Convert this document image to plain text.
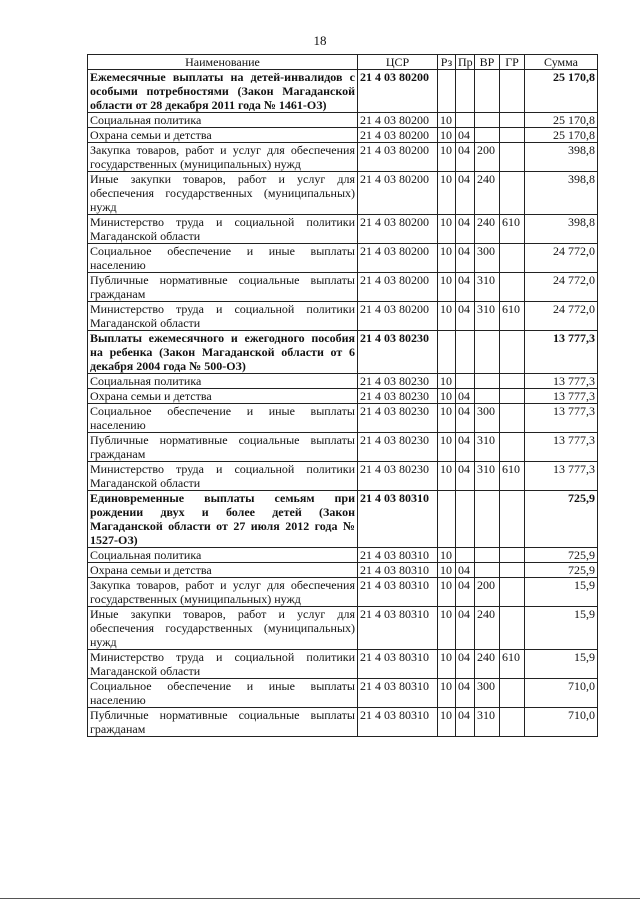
18
Наименование	ЦСР	Рз	Пр	ВР	ГР	Сумма
Ежемесячные выплаты на детей-инвалидов с особыми потребностями (Закон Магаданской области от 28 декабря 2011 года № 1461-ОЗ)	21 4 03 80200					25 170,8
Социальная политика	21 4 03 80200	10				25 170,8
Охрана семьи и детства	21 4 03 80200	10	04			25 170,8
Закупка товаров, работ и услуг для обеспечения государственных (муниципальных) нужд	21 4 03 80200	10	04	200		398,8
Иные закупки товаров, работ и услуг для обеспечения государственных (муниципальных) нужд	21 4 03 80200	10	04	240		398,8
Министерство труда и социальной политики Магаданской области	21 4 03 80200	10	04	240	610	398,8
Социальное обеспечение и иные выплаты населению	21 4 03 80200	10	04	300		24 772,0
Публичные нормативные социальные выплаты гражданам	21 4 03 80200	10	04	310		24 772,0
Министерство труда и социальной политики Магаданской области	21 4 03 80200	10	04	310	610	24 772,0
Выплаты ежемесячного и ежегодного пособия на ребенка (Закон Магаданской области от 6 декабря 2004 года № 500-ОЗ)	21 4 03 80230					13 777,3
Социальная политика	21 4 03 80230	10				13 777,3
Охрана семьи и детства	21 4 03 80230	10	04			13 777,3
Социальное обеспечение и иные выплаты населению	21 4 03 80230	10	04	300		13 777,3
Публичные нормативные социальные выплаты гражданам	21 4 03 80230	10	04	310		13 777,3
Министерство труда и социальной политики Магаданской области	21 4 03 80230	10	04	310	610	13 777,3
Единовременные выплаты семьям при рождении двух и более детей (Закон Магаданской области от 27 июля 2012 года № 1527-ОЗ)	21 4 03 80310					725,9
Социальная политика	21 4 03 80310	10				725,9
Охрана семьи и детства	21 4 03 80310	10	04			725,9
Закупка товаров, работ и услуг для обеспечения государственных (муниципальных) нужд	21 4 03 80310	10	04	200		15,9
Иные закупки товаров, работ и услуг для обеспечения государственных (муниципальных) нужд	21 4 03 80310	10	04	240		15,9
Министерство труда и социальной политики Магаданской области	21 4 03 80310	10	04	240	610	15,9
Социальное обеспечение и иные выплаты населению	21 4 03 80310	10	04	300		710,0
Публичные нормативные социальные выплаты гражданам	21 4 03 80310	10	04	310		710,0
